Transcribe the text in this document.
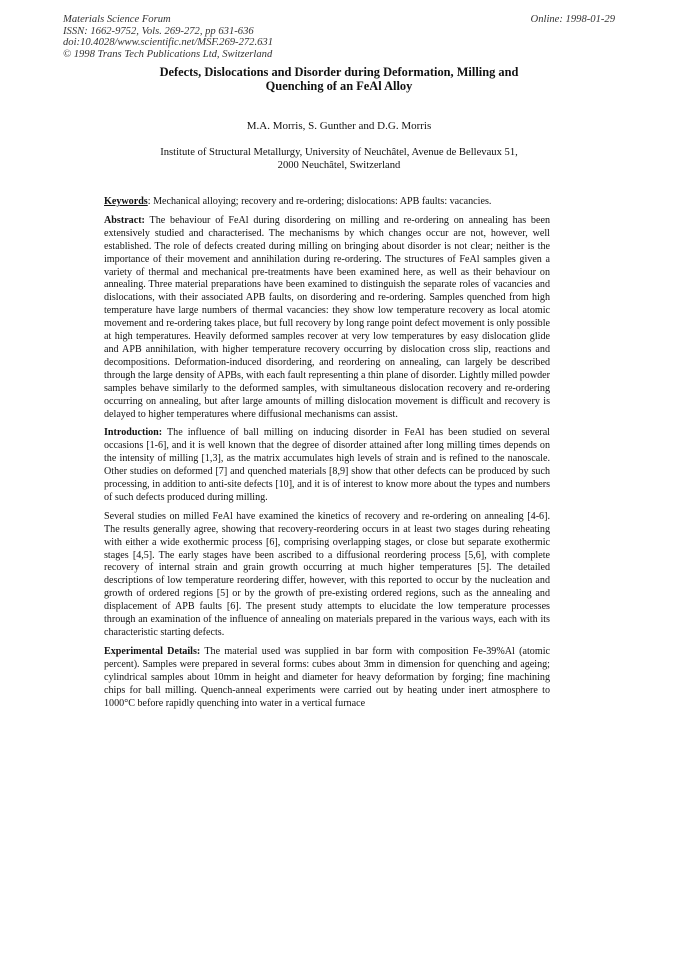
Materials Science Forum
ISSN: 1662-9752, Vols. 269-272, pp 631-636
doi:10.4028/www.scientific.net/MSF.269-272.631
© 1998 Trans Tech Publications Ltd, Switzerland
Online: 1998-01-29
Defects, Dislocations and Disorder during Deformation, Milling and
Quenching of an FeAl Alloy
M.A. Morris, S. Gunther and D.G. Morris
Institute of Structural Metallurgy, University of Neuchâtel, Avenue de Bellevaux 51,
2000 Neuchâtel, Switzerland

Keywords: Mechanical alloying; recovery and re-ordering; dislocations: APB faults: vacancies.

Abstract: The behaviour of FeAl during disordering on milling and re-ordering on annealing has been extensively studied and characterised. The mechanisms by which changes occur are not, however, well established. The role of defects created during milling on bringing about disorder is not clear; neither is the importance of their movement and annihilation during re-ordering. The structures of FeAl samples given a variety of thermal and mechanical pre-treatments have been examined here, as well as their behaviour on annealing. Three material preparations have been examined to distinguish the separate roles of vacancies and dislocations, with their associated APB faults, on disordering and re-ordering. Samples quenched from high temperature have large numbers of thermal vacancies: they show low temperature recovery as local atomic movement and re-ordering takes place, but full recovery by long range point defect movement is only possible at high temperatures. Heavily deformed samples recover at very low temperatures by easy dislocation glide and APB annihilation, with higher temperature recovery occurring by dislocation cross slip, reactions and decompositions. Deformation-induced disordering, and reordering on annealing, can largely be described through the large density of APBs, with each fault representing a thin plane of disorder. Lightly milled powder samples behave similarly to the deformed samples, with simultaneous dislocation recovery and re-ordering occurring on annealing, but after large amounts of milling dislocation movement is difficult and recovery is delayed to higher temperatures where diffusional mechanisms can assist.

Introduction: The influence of ball milling on inducing disorder in FeAl has been studied on several occasions [1-6], and it is well known that the degree of disorder attained after long milling times depends on the intensity of milling [1,3], as the matrix accumulates high levels of strain and is refined to the nanoscale. Other studies on deformed [7] and quenched materials [8,9] show that other defects can be produced by such processing, in addition to anti-site defects [10], and it is of interest to know more about the types and numbers of such defects produced during milling.

Several studies on milled FeAl have examined the kinetics of recovery and re-ordering on annealing [4-6]. The results generally agree, showing that recovery-reordering occurs in at least two stages during reheating with either a wide exothermic process [6], comprising overlapping stages, or close but separate exothermic stages [4,5]. The early stages have been ascribed to a diffusional reordering process [5,6], with complete recovery of internal strain and grain growth occurring at much higher temperatures [5]. The detailed descriptions of low temperature reordering differ, however, with this reported to occur by the nucleation and growth of ordered regions [5] or by the growth of pre-existing ordered regions, such as the annealing and displacement of APB faults [6]. The present study attempts to elucidate the low temperature processes through an examination of the influence of annealing on materials prepared in the various ways, each with its characteristic starting defects.

Experimental Details: The material used was supplied in bar form with composition Fe-39%Al (atomic percent). Samples were prepared in several forms: cubes about 3mm in dimension for quenching and ageing; cylindrical samples about 10mm in height and diameter for heavy deformation by forging; fine machining chips for ball milling. Quench-anneal experiments were carried out by heating under inert atmosphere to 1000°C before rapidly quenching into water in a vertical furnace
